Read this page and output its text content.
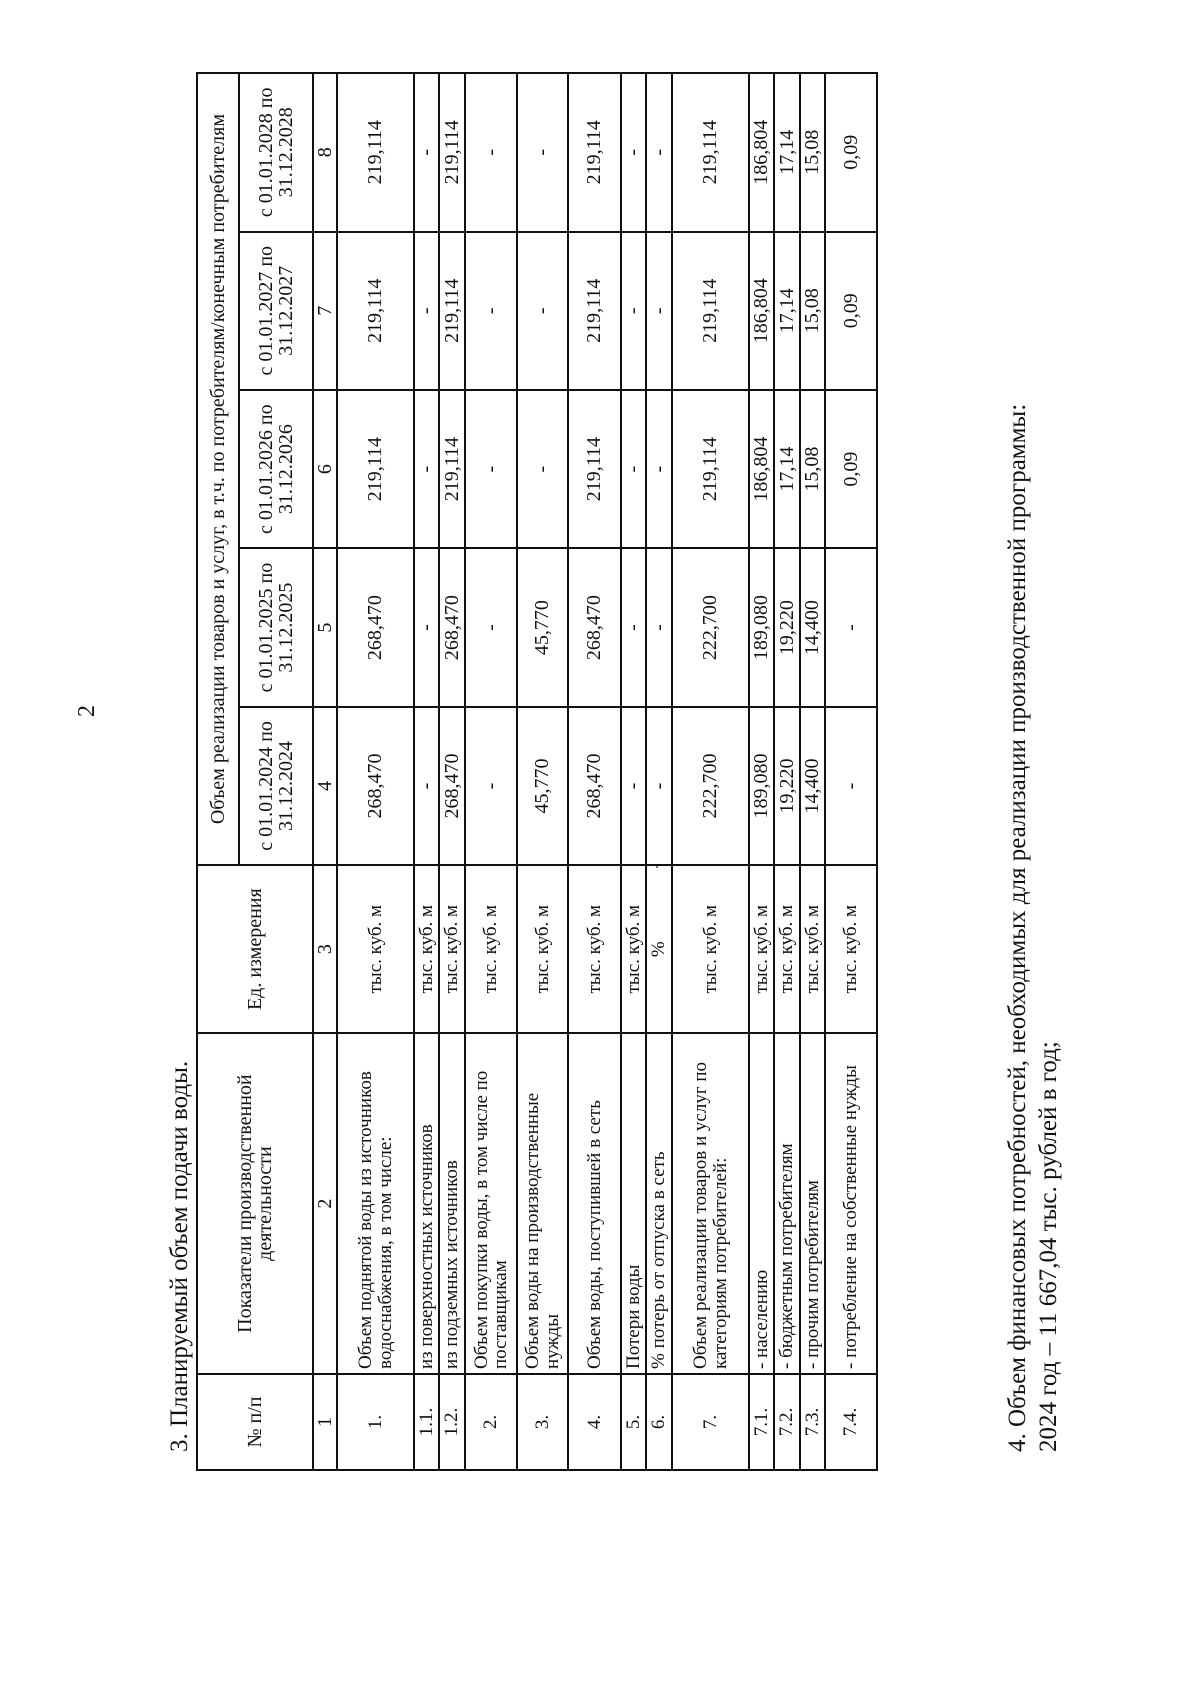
2
3. Планируемый объем подачи воды.	№ п/п	Показатели производственной деятельности	Ед. измерения	Объем реализации товаров и услуг, в т.ч. по потребителям/конечным потребителям				
			с 01.01.2024 по 31.12.2024	с 01.01.2025 по 31.12.2025	с 01.01.2026 по 31.12.2026	с 01.01.2027 по 31.12.2027	с 01.01.2028 по 31.12.2028
1	2	3	4	5	6	7	8
1.	Объем поднятой воды из источников водоснабжения, в том числе:	тыс. куб. м	268,470	268,470	219,114	219,114	219,114
1.1.	из поверхностных источников	тыс. куб. м	-	-	-	-	-
1.2.	из подземных источников	тыс. куб. м	268,470	268,470	219,114	219,114	219,114
2.	Объем покупки воды, в том числе по поставщикам	тыс. куб. м	-	-	-	-	-
3.	Объем воды на производственные нужды	тыс. куб. м	45,770	45,770	-	-	-
4.	Объем воды, поступившей в сеть	тыс. куб. м	268,470	268,470	219,114	219,114	219,114
5.	Потери воды	тыс. куб. м	-	-	-	-	-
6.	% потерь от отпуска в сеть	%	-	-	-	-	-
7.	Объем реализации товаров и услуг по категориям потребителей:	тыс. куб. м	222,700	222,700	219,114	219,114	219,114
7.1.	- населению	тыс. куб. м	189,080	189,080	186,804	186,804	186,804
7.2.	- бюджетным потребителям	тыс. куб. м	19,220	19,220	17,14	17,14	17,14
7.3.	- прочим потребителям	тыс. куб. м	14,400	14,400	15,08	15,08	15,08
7.4.	- потребление на собственные нужды	тыс. куб. м	-	-	0,09	0,09	0,09
4. Объем финансовых потребностей, необходимых для реализации производственной программы: 2024 год – 11 667,04 тыс. рублей в год;
